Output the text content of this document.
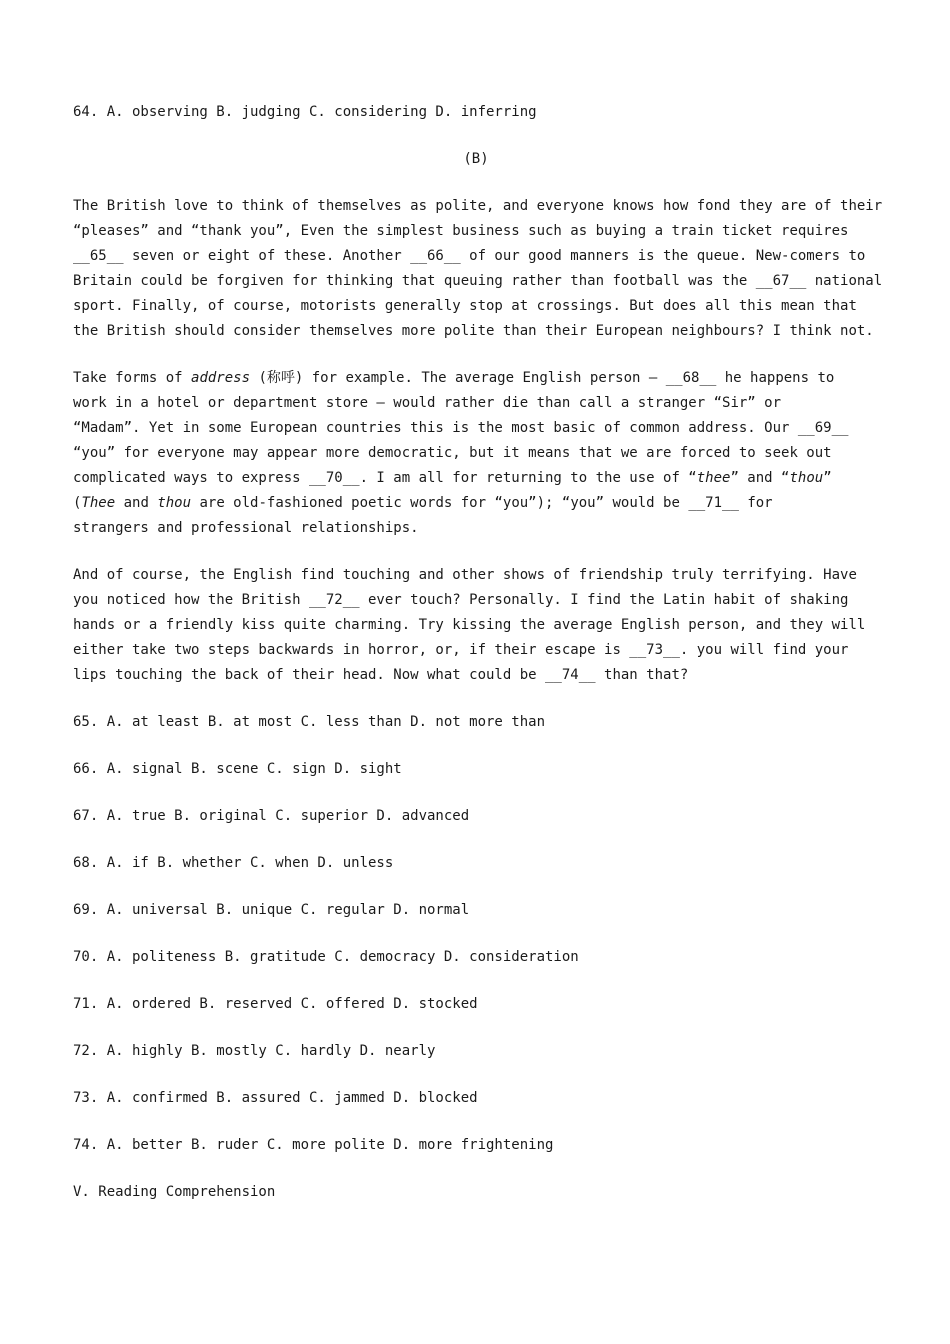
64. A. observing B. judging C. considering D. inferring

(B)

The British love to think of themselves as polite, and everyone knows how fond they are of their
“pleases” and “thank you”, Even the simplest business such as buying a train ticket requires
__65__ seven or eight of these. Another __66__ of our good manners is the queue. New-comers to
Britain could be forgiven for thinking that queuing rather than football was the __67__ national
sport. Finally, of course, motorists generally stop at crossings. But does all this mean that
the British should consider themselves more polite than their European neighbours? I think not.
Take forms of address (称呼) for example. The average English person — __68__ he happens to
work in a hotel or department store — would rather die than call a stranger “Sir” or
“Madam”. Yet in some European countries this is the most basic of common address. Our __69__
“you” for everyone may appear more democratic, but it means that we are forced to seek out
complicated ways to express __70__. I am all for returning to the use of “thee” and “thou”
(Thee and thou are old-fashioned poetic words for “you”); “you” would be __71__ for
strangers and professional relationships.
And of course, the English find touching and other shows of friendship truly terrifying. Have
you noticed how the British __72__ ever touch? Personally. I find the Latin habit of shaking
hands or a friendly kiss quite charming. Try kissing the average English person, and they will
either take two steps backwards in horror, or, if their escape is __73__. you will find your
lips touching the back of their head. Now what could be __74__ than that?

65. A. at least B. at most C. less than D. not more than

66. A. signal B. scene C. sign D. sight

67. A. true B. original C. superior D. advanced

68. A. if B. whether C. when D. unless

69. A. universal B. unique C. regular D. normal

70. A. politeness B. gratitude C. democracy D. consideration

71. A. ordered B. reserved C. offered D. stocked

72. A. highly B. mostly C. hardly D. nearly

73. A. confirmed B. assured C. jammed D. blocked

74. A. better B. ruder C. more polite D. more frightening

V. Reading Comprehension
